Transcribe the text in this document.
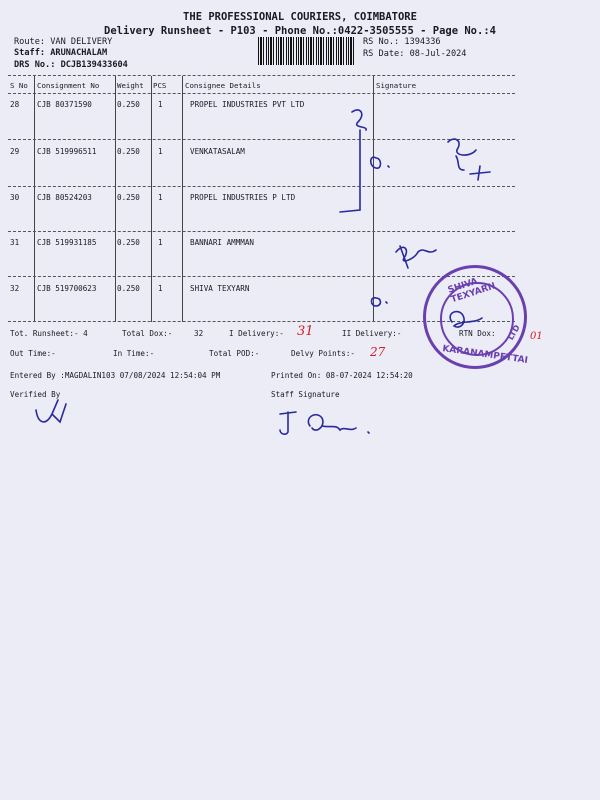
THE PROFESSIONAL COURIERS, COIMBATORE
Delivery Runsheet - P103 - Phone No.:0422-3505555 - Page No.:4
Route: VAN DELIVERY
Staff: ARUNACHALAM
DRS No.: DCJB139433604
RS No.: 1394336
RS Date: 08-Jul-2024
S No Consignment No Weight PCS	Consignee Details	Signature
28 CJB 80371590	0.250 1	PROPEL INDUSTRIES PVT LTD
29 CJB 519996511	0.250 1	VENKATASALAM
30 CJB 80524203	0.250 1	PROPEL INDUSTRIES P LTD
31 CJB 519931185	0.250 1	BANNARI AMMMAN
32 CJB 519700623	0.250 1	SHIVA TEXYARN	SHIVA TEXYARN
KARANAMPETTAI
LTD
Tot. Runsheet:- 4	Total Dox:-	32	I Delivery:- 31	II Delivery:-	RTN Dox:	01
Out Time:-	In Time:-	Total POD:-	Delvy Points:- 27
Entered By :MAGDALIN103 07/08/2024 12:54:04 PM	Printed On: 08-07-2024 12:54:20
Verified By	Staff Signature
